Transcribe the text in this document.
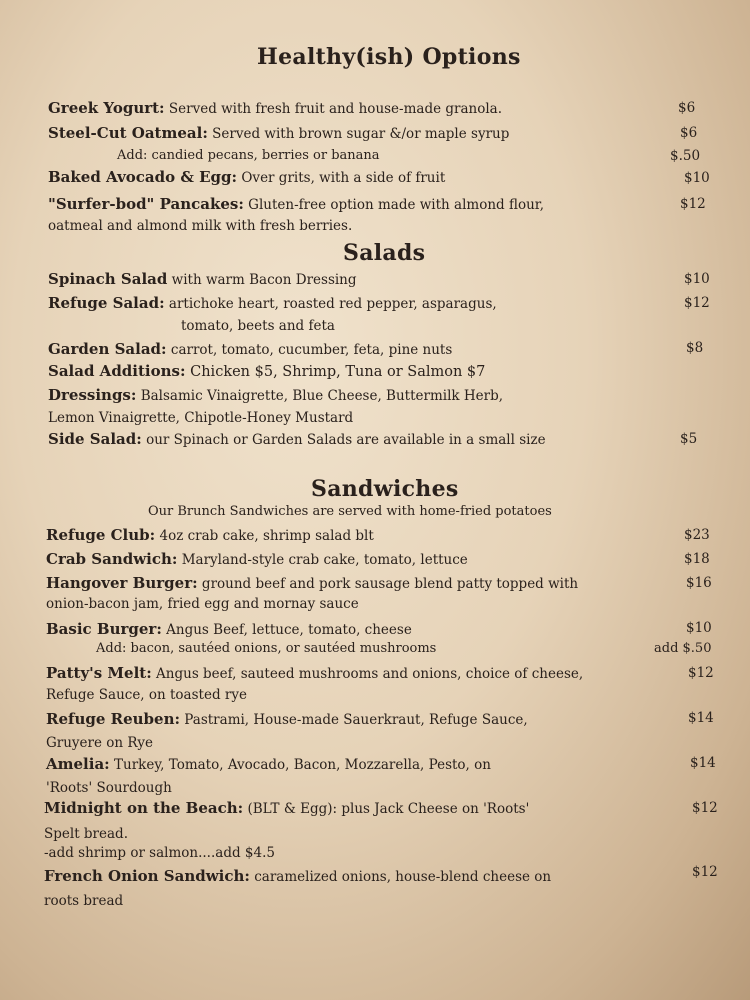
Healthy(ish) Options
Greek Yogurt: Served with fresh fruit and house-made granola.	$6
Steel-Cut Oatmeal: Served with brown sugar &/or maple syrup	$6
Add: candied pecans, berries or banana	$.50
Baked Avocado & Egg: Over grits, with a side of fruit	$10
"Surfer-bod" Pancakes: Gluten-free option made with almond flour,	$12
oatmeal and almond milk with fresh berries.
Salads
Spinach Salad with warm Bacon Dressing	$10
Refuge Salad: artichoke heart, roasted red pepper, asparagus,	$12
tomato, beets and feta
Garden Salad: carrot, tomato, cucumber, feta, pine nuts	$8
Salad Additions: Chicken $5, Shrimp, Tuna or Salmon $7
Dressings: Balsamic Vinaigrette, Blue Cheese, Buttermilk Herb,
Lemon Vinaigrette, Chipotle-Honey Mustard
Side Salad: our Spinach or Garden Salads are available in a small size	$5
Sandwiches
Our Brunch Sandwiches are served with home-fried potatoes
Refuge Club: 4oz crab cake, shrimp salad blt	$23
Crab Sandwich: Maryland-style crab cake, tomato, lettuce	$18
Hangover Burger: ground beef and pork sausage blend patty topped with	$16
onion-bacon jam, fried egg and mornay sauce
Basic Burger: Angus Beef, lettuce, tomato, cheese	$10
Add: bacon, sautéed onions, or sautéed mushrooms	add $.50
Patty's Melt: Angus beef, sauteed mushrooms and onions, choice of cheese,	$12
Refuge Sauce, on toasted rye
Refuge Reuben: Pastrami, House-made Sauerkraut, Refuge Sauce,	$14
Gruyere on Rye
Amelia: Turkey, Tomato, Avocado, Bacon, Mozzarella, Pesto, on	$14
'Roots' Sourdough
Midnight on the Beach: (BLT & Egg): plus Jack Cheese on 'Roots'	$12
Spelt bread.
-add shrimp or salmon....add $4.5
French Onion Sandwich: caramelized onions, house-blend cheese on	$12
roots bread
